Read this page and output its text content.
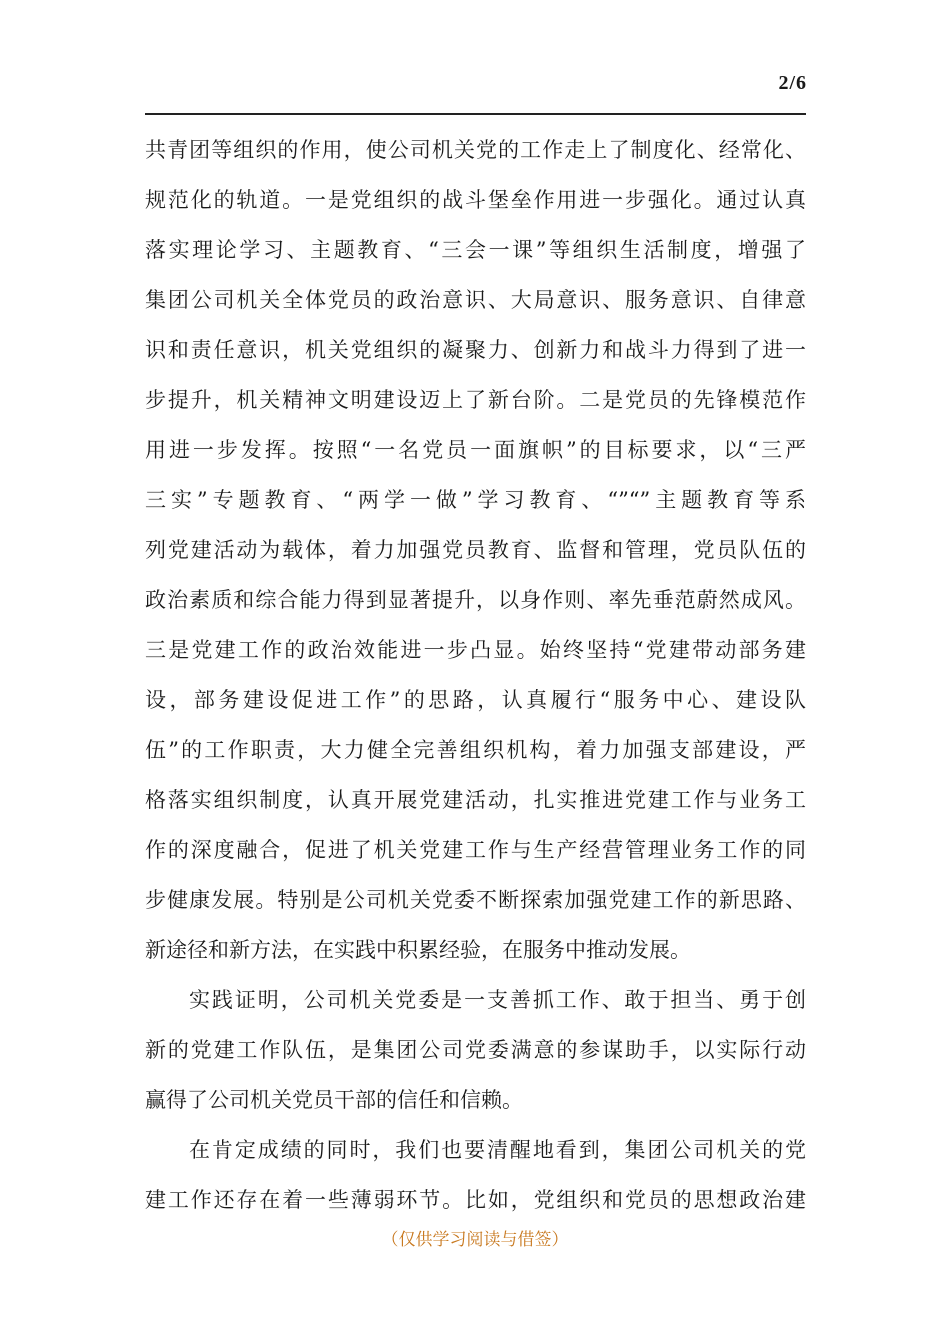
2/6
共青团等组织的作用，使公司机关党的工作走上了制度化、经常化、
规范化的轨道。一是党组织的战斗堡垒作用进一步强化。通过认真
落实理论学习、主题教育、“三会一课”等组织生活制度，增强了
集团公司机关全体党员的政治意识、大局意识、服务意识、自律意
识和责任意识，机关党组织的凝聚力、创新力和战斗力得到了进一
步提升，机关精神文明建设迈上了新台阶。二是党员的先锋模范作
用进一步发挥。按照“一名党员一面旗帜”的目标要求，以“三严
三实”专题教育、“两学一做”学习教育、“”“”主题教育等系
列党建活动为载体，着力加强党员教育、监督和管理，党员队伍的
政治素质和综合能力得到显著提升，以身作则、率先垂范蔚然成风。
三是党建工作的政治效能进一步凸显。始终坚持“党建带动部务建
设，部务建设促进工作”的思路，认真履行“服务中心、建设队
伍”的工作职责，大力健全完善组织机构，着力加强支部建设，严
格落实组织制度，认真开展党建活动，扎实推进党建工作与业务工
作的深度融合，促进了机关党建工作与生产经营管理业务工作的同
步健康发展。特别是公司机关党委不断探索加强党建工作的新思路、
新途径和新方法，在实践中积累经验，在服务中推动发展。
实践证明，公司机关党委是一支善抓工作、敢于担当、勇于创
新的党建工作队伍，是集团公司党委满意的参谋助手，以实际行动
赢得了公司机关党员干部的信任和信赖。
在肯定成绩的同时，我们也要清醒地看到，集团公司机关的党
建工作还存在着一些薄弱环节。比如，党组织和党员的思想政治建
（仅供学习阅读与借签）
